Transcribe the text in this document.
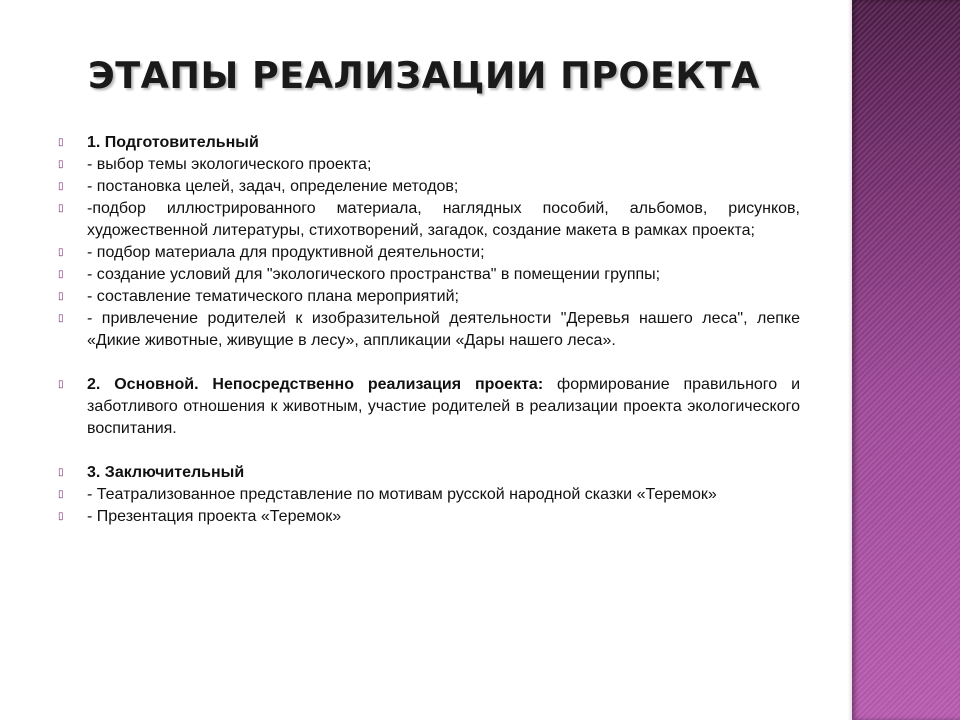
ЭТАПЫ РЕАЛИЗАЦИИ ПРОЕКТА
▯ 1. Подготовительный
▯ - выбор темы экологического проекта;
▯ - постановка целей, задач, определение методов;
▯ -подбор иллюстрированного материала, наглядных пособий, альбомов, рисунков, художественной литературы, стихотворений, загадок, создание макета в рамках проекта;
▯ - подбор материала для продуктивной деятельности;
▯ - создание условий для "экологического пространства" в помещении группы;
▯ - составление тематического плана мероприятий;
▯ - привлечение родителей к изобразительной деятельности "Деревья нашего леса", лепке «Дикие животные, живущие в лесу», аппликации «Дары нашего леса».
▯ 2. Основной. Непосредственно реализация проекта: формирование правильного и заботливого отношения к животным, участие родителей в реализации проекта экологического воспитания.
▯ 3. Заключительный
▯ - Театрализованное представление по мотивам русской народной сказки «Теремок»
▯ - Презентация проекта «Теремок»
